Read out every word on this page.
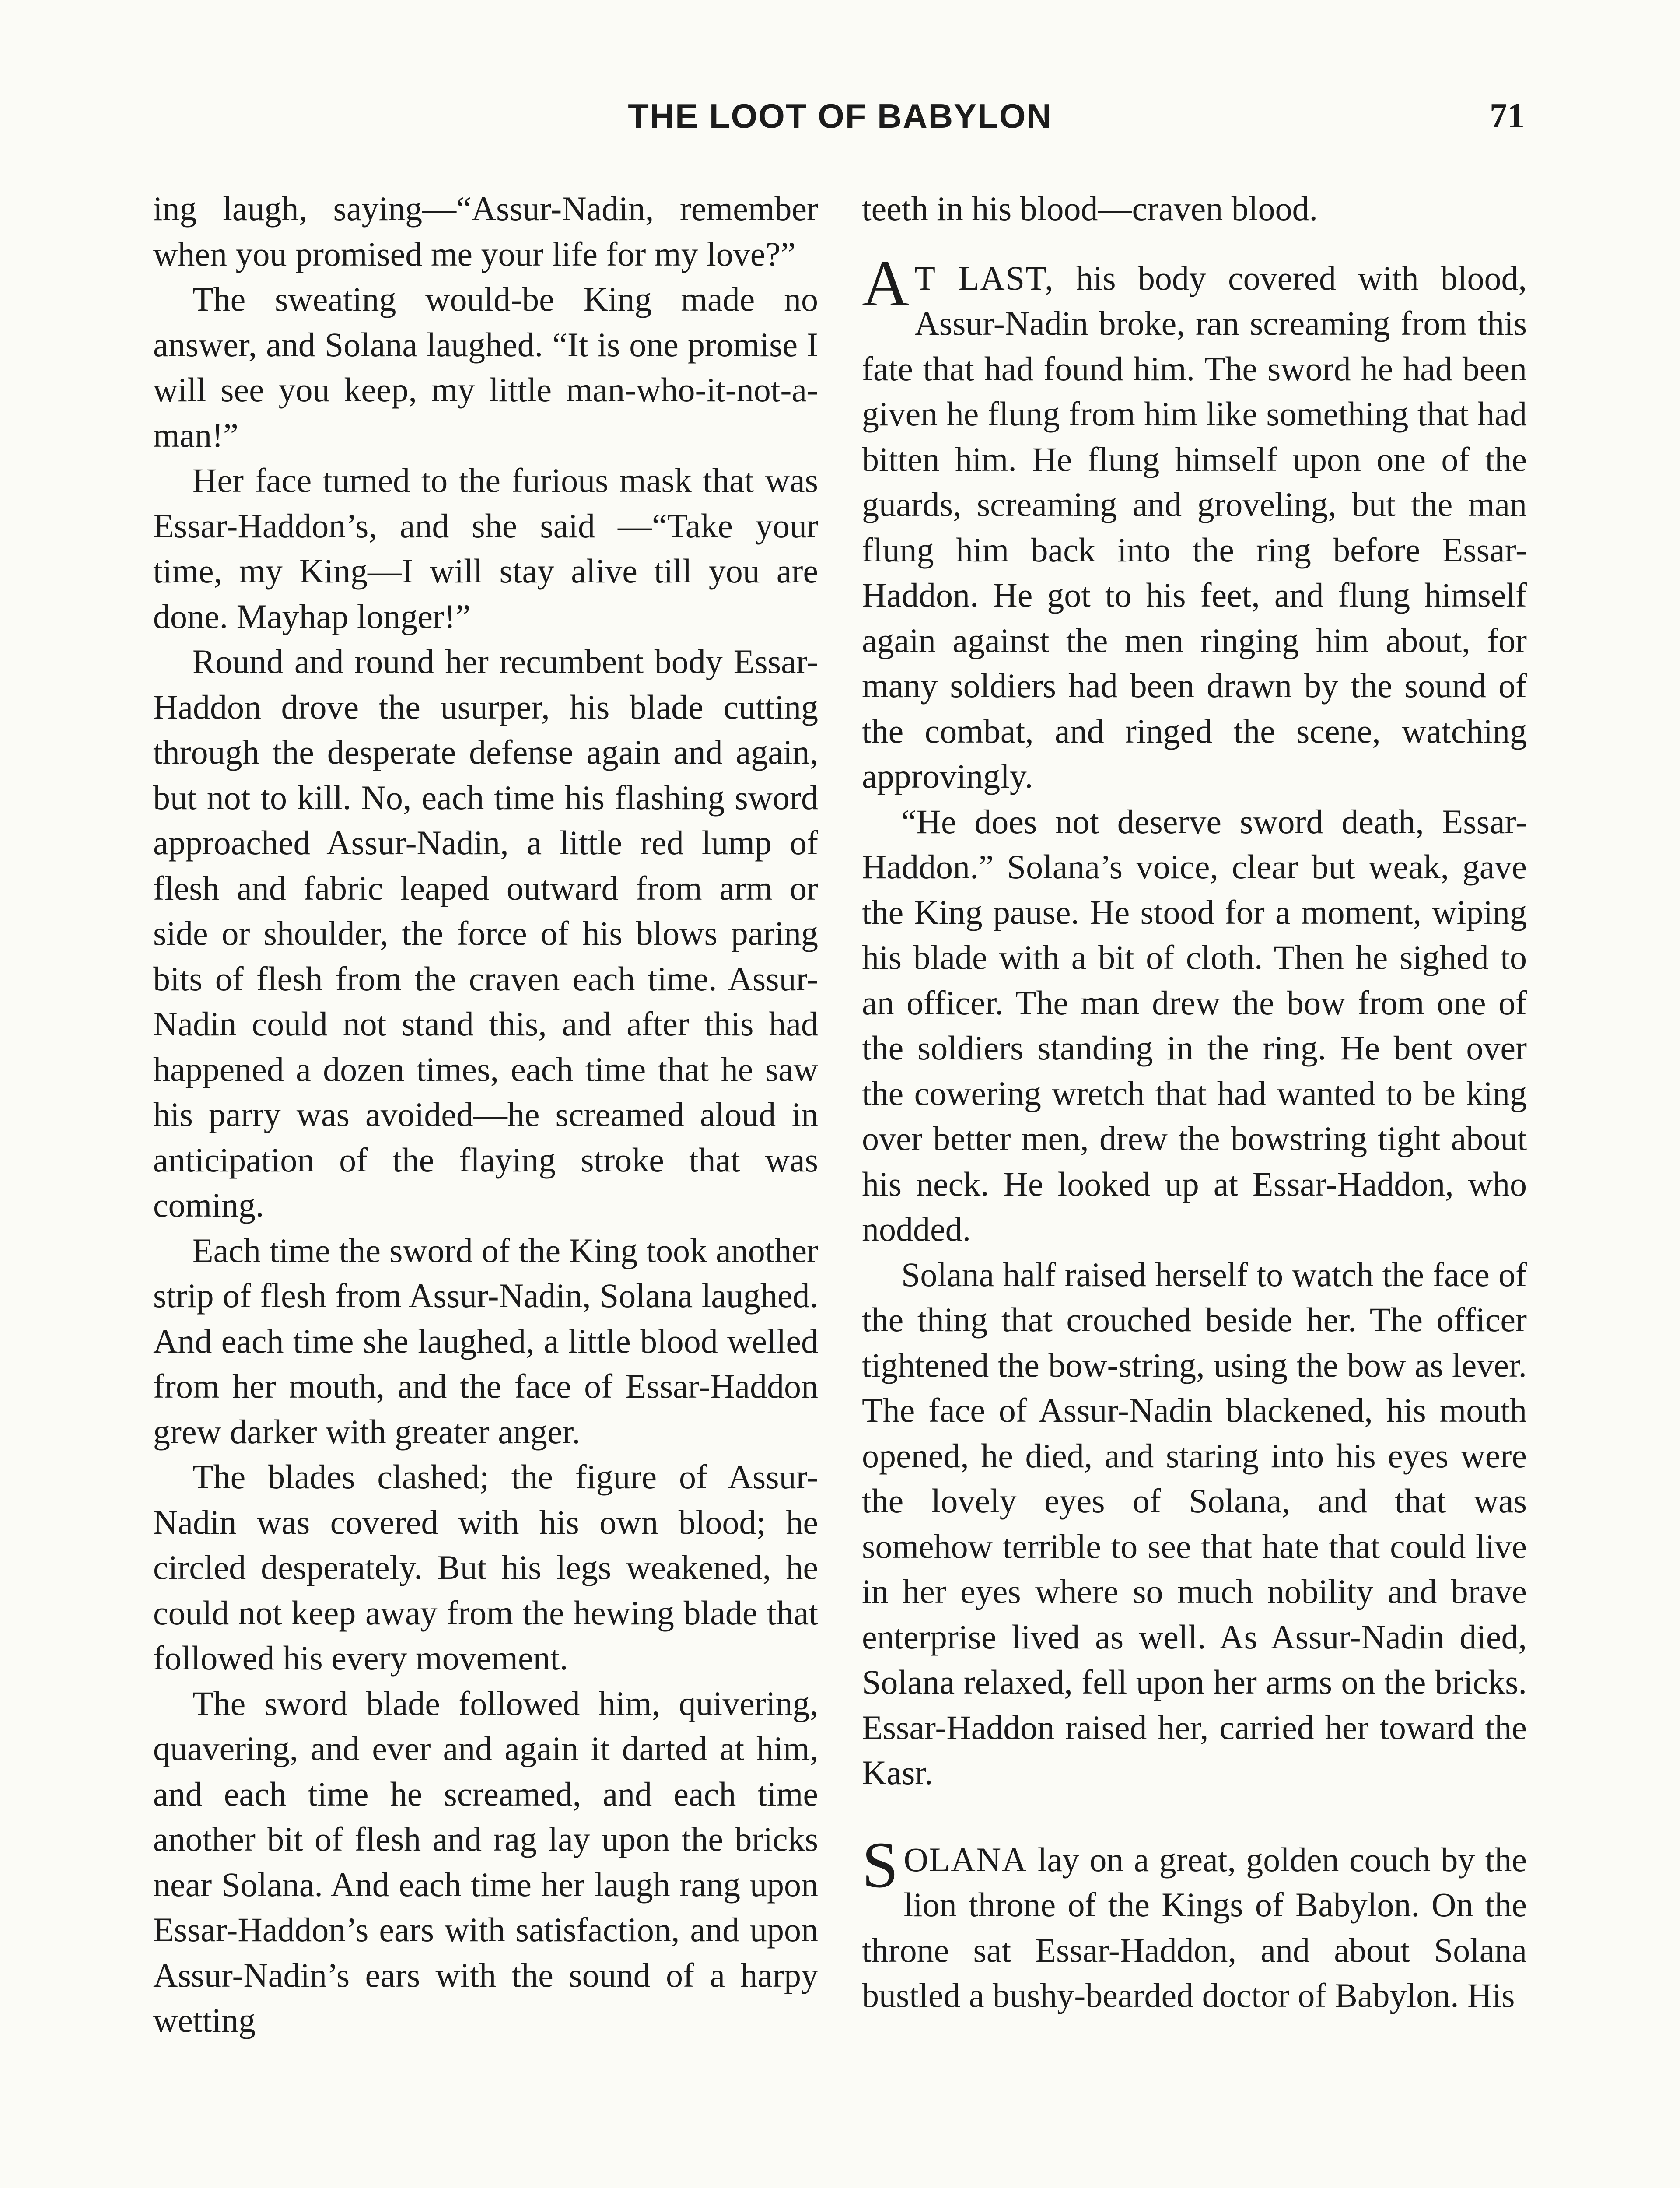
THE LOOT OF BABYLON	71

ing laugh, saying—“Assur-Nadin, remember when you promised me your life for my love?”

The sweating would-be King made no answer, and Solana laughed. “It is one promise I will see you keep, my little man-who-it-not-a-man!”

Her face turned to the furious mask that was Essar-Haddon’s, and she said —“Take your time, my King—I will stay alive till you are done. Mayhap longer!”

Round and round her recumbent body Essar-Haddon drove the usurper, his blade cutting through the desperate defense again and again, but not to kill. No, each time his flashing sword approached Assur-Nadin, a little red lump of flesh and fabric leaped outward from arm or side or shoulder, the force of his blows paring bits of flesh from the craven each time. Assur-Nadin could not stand this, and after this had happened a dozen times, each time that he saw his parry was avoided—he screamed aloud in anticipation of the flaying stroke that was coming.

Each time the sword of the King took another strip of flesh from Assur-Nadin, Solana laughed. And each time she laughed, a little blood welled from her mouth, and the face of Essar-Haddon grew darker with greater anger.

The blades clashed; the figure of Assur-Nadin was covered with his own blood; he circled desperately. But his legs weakened, he could not keep away from the hewing blade that followed his every movement.

The sword blade followed him, quivering, quavering, and ever and again it darted at him, and each time he screamed, and each time another bit of flesh and rag lay upon the bricks near Solana. And each time her laugh rang upon Essar-Haddon’s ears with satisfaction, and upon Assur-Nadin’s ears with the sound of a harpy wetting

teeth in his blood—craven blood.

A T LAST, his body covered with blood, Assur-Nadin broke, ran screaming from this fate that had found him. The sword he had been given he flung from him like something that had bitten him. He flung himself upon one of the guards, screaming and groveling, but the man flung him back into the ring before Essar-Haddon. He got to his feet, and flung himself again against the men ringing him about, for many soldiers had been drawn by the sound of the combat, and ringed the scene, watching approvingly.

“He does not deserve sword death, Essar-Haddon.” Solana’s voice, clear but weak, gave the King pause. He stood for a moment, wiping his blade with a bit of cloth. Then he sighed to an officer. The man drew the bow from one of the soldiers standing in the ring. He bent over the cowering wretch that had wanted to be king over better men, drew the bowstring tight about his neck. He looked up at Essar-Haddon, who nodded.

Solana half raised herself to watch the face of the thing that crouched beside her. The officer tightened the bow-string, using the bow as lever. The face of Assur-Nadin blackened, his mouth opened, he died, and staring into his eyes were the lovely eyes of Solana, and that was somehow terrible to see that hate that could live in her eyes where so much nobility and brave enterprise lived as well. As Assur-Nadin died, Solana relaxed, fell upon her arms on the bricks. Essar-Haddon raised her, carried her toward the Kasr.

SOLANA lay on a great, golden couch by the lion throne of the Kings of Babylon. On the throne sat Essar-Haddon, and about Solana bustled a bushy-bearded doctor of Babylon. His
